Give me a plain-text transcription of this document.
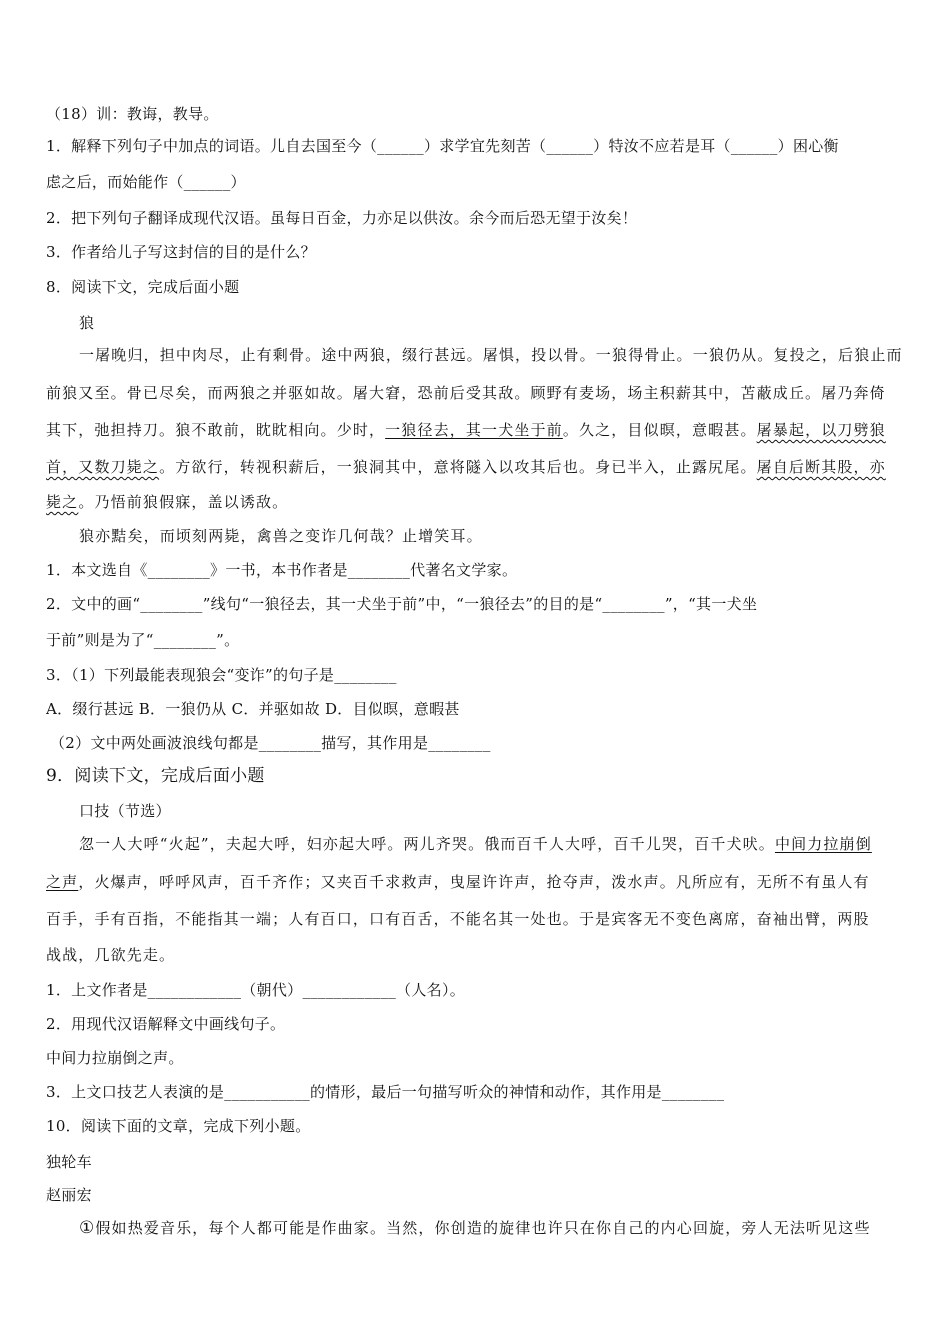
（18）训：教诲，教导。
1．解释下列句子中加点的词语。儿自去国至今（______）求学宜先刻苦（______）特汝不应若是耳（______）困心衡
虑之后，而始能作（______）
2．把下列句子翻译成现代汉语。虽每日百金，力亦足以供汝。余今而后恐无望于汝矣！
3．作者给儿子写这封信的目的是什么？
8．阅读下文，完成后面小题
狼
一屠晚归，担中肉尽，止有剩骨。途中两狼，缀行甚远。屠惧，投以骨。一狼得骨止。一狼仍从。复投之，后狼止而
前狼又至。骨已尽矣，而两狼之并驱如故。屠大窘，恐前后受其敌。顾野有麦场，场主积薪其中，苫蔽成丘。屠乃奔倚
其下，弛担持刀。狼不敢前，眈眈相向。少时，一狼径去，其一犬坐于前。久之，目似暝，意暇甚。屠暴起，以刀劈狼
首，又数刀毙之。方欲行，转视积薪后，一狼洞其中，意将隧入以攻其后也。身已半入，止露尻尾。屠自后断其股，亦
毙之。乃悟前狼假寐，盖以诱敌。
狼亦黠矣，而顷刻两毙，禽兽之变诈几何哉？止增笑耳。
1．本文选自《________》一书，本书作者是________代著名文学家。
2．文中的画“________”线句“一狼径去，其一犬坐于前”中，“一狼径去”的目的是“________”，“其一犬坐
于前”则是为了“________”。
3．（1）下列最能表现狼会“变诈”的句子是________
A．缀行甚远 B．一狼仍从 C．并驱如故 D．目似暝，意暇甚
（2）文中两处画波浪线句都是________描写，其作用是________
9．阅读下文，完成后面小题
口技（节选）
忽一人大呼“火起”，夫起大呼，妇亦起大呼。两儿齐哭。俄而百千人大呼，百千儿哭，百千犬吠。中间力拉崩倒
之声，火爆声，呼呼风声，百千齐作；又夹百千求救声，曳屋许许声，抢夺声，泼水声。凡所应有，无所不有虽人有
百手，手有百指，不能指其一端；人有百口，口有百舌，不能名其一处也。于是宾客无不变色离席，奋袖出臂，两股
战战，几欲先走。
1．上文作者是____________（朝代）____________（人名）。
2．用现代汉语解释文中画线句子。
中间力拉崩倒之声。
3．上文口技艺人表演的是___________的情形，最后一句描写听众的神情和动作，其作用是________
10．阅读下面的文章，完成下列小题。
独轮车
赵丽宏
①假如热爱音乐，每个人都可能是作曲家。当然，你创造的旋律也许只在你自己的内心回旋，旁人无法听见这些
